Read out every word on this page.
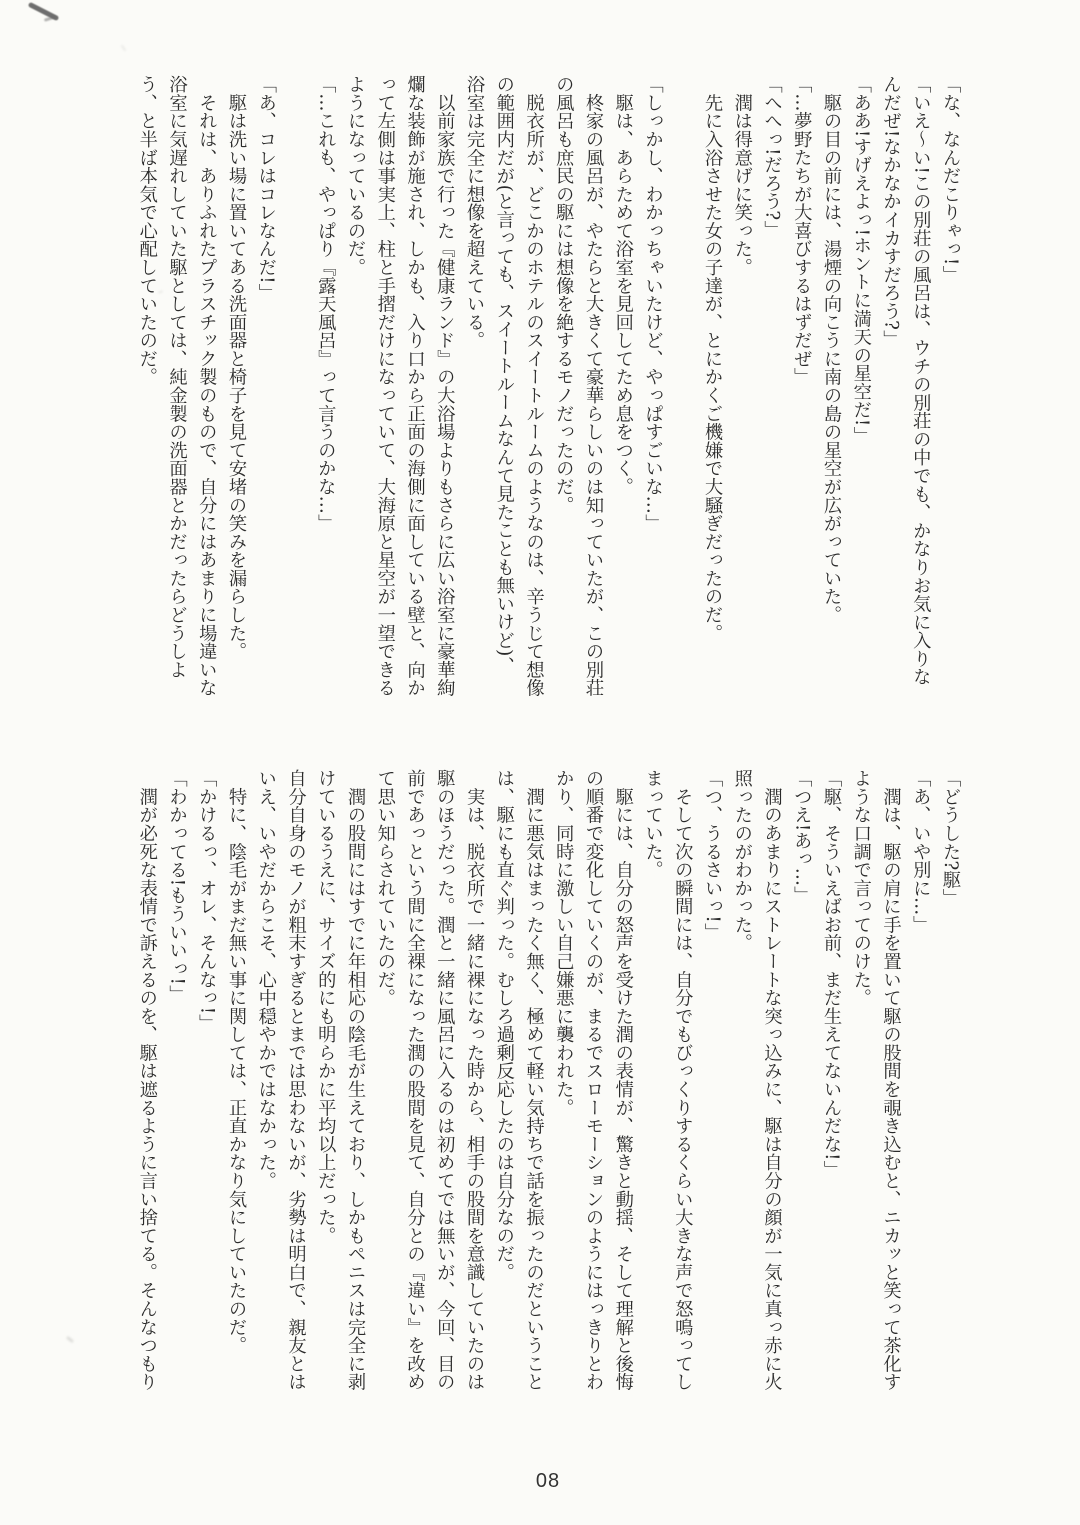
「な、なんだこりゃっ!」
「いえ〜い!この別荘の風呂は、ウチの別荘の中でも、かなりお気に入りな
んだぜ!なかなかイカすだろう?」
「ああ!すげえよっ!ホントに満天の星空だ!」
　駆の目の前には、湯煙の向こうに南の島の星空が広がっていた。
「…夢野たちが大喜びするはずだぜ」
「へへっ!だろう?」
　潤は得意げに笑った。
　先に入浴させた女の子達が、とにかくご機嫌で大騒ぎだったのだ。

「しっかし、わかっちゃいたけど、やっぱすごいな…」
　駆は、あらためて浴室を見回してため息をつく。
　柊家の風呂が、やたらと大きくて豪華らしいのは知っていたが、この別荘
の風呂も庶民の駆には想像を絶するモノだったのだ。
　脱衣所が、どこかのホテルのスイートルームのようなのは、辛うじて想像
の範囲内だが(と言っても、スイートルームなんて見たことも無いけど)、
浴室は完全に想像を超えている。
　以前家族で行った『健康ランド』の大浴場よりもさらに広い浴室に豪華絢
爛な装飾が施され、しかも、入り口から正面の海側に面している壁と、向か
って左側は事実上、柱と手摺だけになっていて、大海原と星空が一望できる
ようになっているのだ。
「…これも、やっぱり『露天風呂』って言うのかな…」

「あ、コレはコレなんだ!」
　駆は洗い場に置いてある洗面器と椅子を見て安堵の笑みを漏らした。
　それは、ありふれたプラスチック製のもので、自分にはあまりに場違いな
浴室に気遅れしていた駆としては、純金製の洗面器とかだったらどうしよ
う、と半ば本気で心配していたのだ。
「どうした?駆」
「あ、いや別に…」
　潤は、駆の肩に手を置いて駆の股間を覗き込むと、ニカッと笑って茶化す
ような口調で言ってのけた。
「駆、そういえばお前、まだ生えてないんだな!」
「つえ!あっ…」
　潤のあまりにストレートな突っ込みに、駆は自分の顔が一気に真っ赤に火
照ったのがわかった。
「つ、うるさいっ!」
　そして次の瞬間には、自分でもびっくりするくらい大きな声で怒鳴ってし
まっていた。
　駆には、自分の怒声を受けた潤の表情が、驚きと動揺、そして理解と後悔
の順番で変化していくのが、まるでスローモーションのようにはっきりとわ
かり、同時に激しい自己嫌悪に襲われた。
　潤に悪気はまったく無く、極めて軽い気持ちで話を振ったのだということ
は、駆にも直ぐ判った。むしろ過剰反応したのは自分なのだ。
　実は、脱衣所で一緒に裸になった時から、相手の股間を意識していたのは
駆のほうだった。潤と一緒に風呂に入るのは初めてでは無いが、今回、目の
前であっという間に全裸になった潤の股間を見て、自分との『違い』を改め
て思い知らされていたのだ。
　潤の股間にはすでに年相応の陰毛が生えており、しかもペニスは完全に剥
けているうえに、サイズ的にも明らかに平均以上だった。
自分自身のモノが粗末すぎるとまでは思わないが、劣勢は明白で、親友とは
いえ、いやだからこそ、心中穏やかではなかった。
　特に、陰毛がまだ無い事に関しては、正直かなり気にしていたのだ。
「かけるっ、オレ、そんなっ!」
「わかってる!もういいっ!」
　潤が必死な表情で訴えるのを、駆は遮るように言い捨てる。そんなつもり
08
